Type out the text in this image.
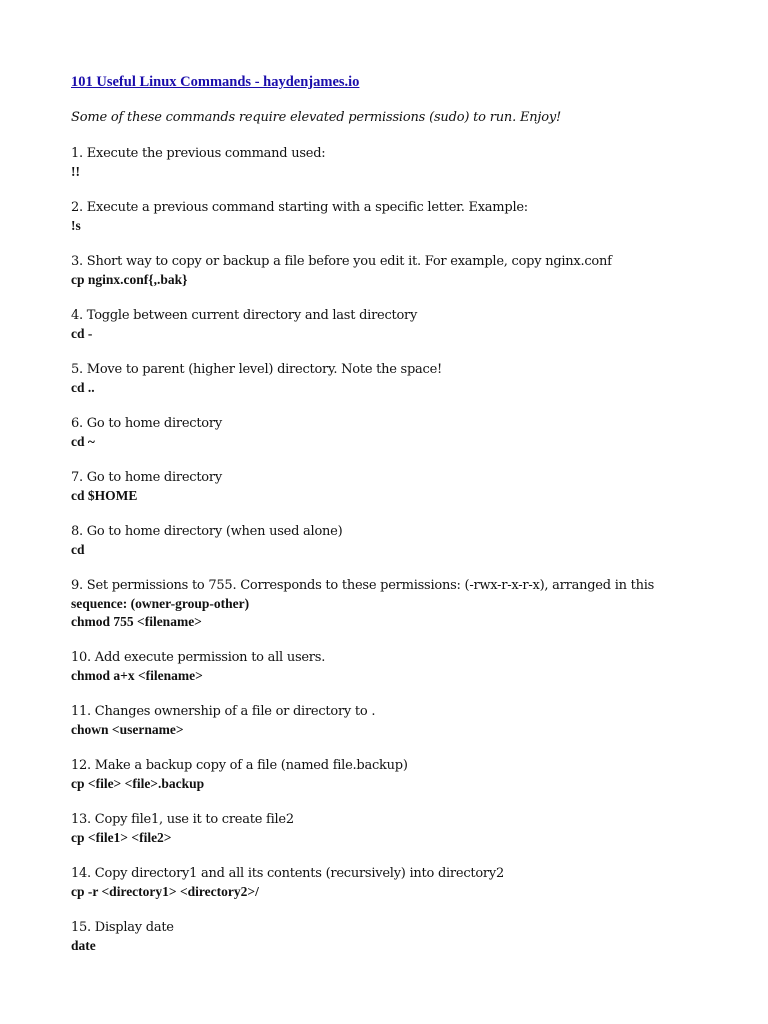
101 Useful Linux Commands - haydenjames.io
Some of these commands require elevated permissions (sudo) to run. Enjoy!
1. Execute the previous command used:
!!
2. Execute a previous command starting with a specific letter. Example:
!s
3. Short way to copy or backup a file before you edit it. For example, copy nginx.conf
cp nginx.conf{,.bak}
4. Toggle between current directory and last directory
cd -
5. Move to parent (higher level) directory. Note the space!
cd ..
6. Go to home directory
cd ~
7. Go to home directory
cd $HOME
8. Go to home directory (when used alone)
cd
9. Set permissions to 755. Corresponds to these permissions: (-rwx-r-x-r-x), arranged in this
sequence: (owner-group-other)
chmod 755 <filename>
10. Add execute permission to all users.
chmod a+x <filename>
11. Changes ownership of a file or directory to .
chown <username>
12. Make a backup copy of a file (named file.backup)
cp <file> <file>.backup
13. Copy file1, use it to create file2
cp <file1> <file2>
14. Copy directory1 and all its contents (recursively) into directory2
cp -r <directory1> <directory2>/
15. Display date
date
